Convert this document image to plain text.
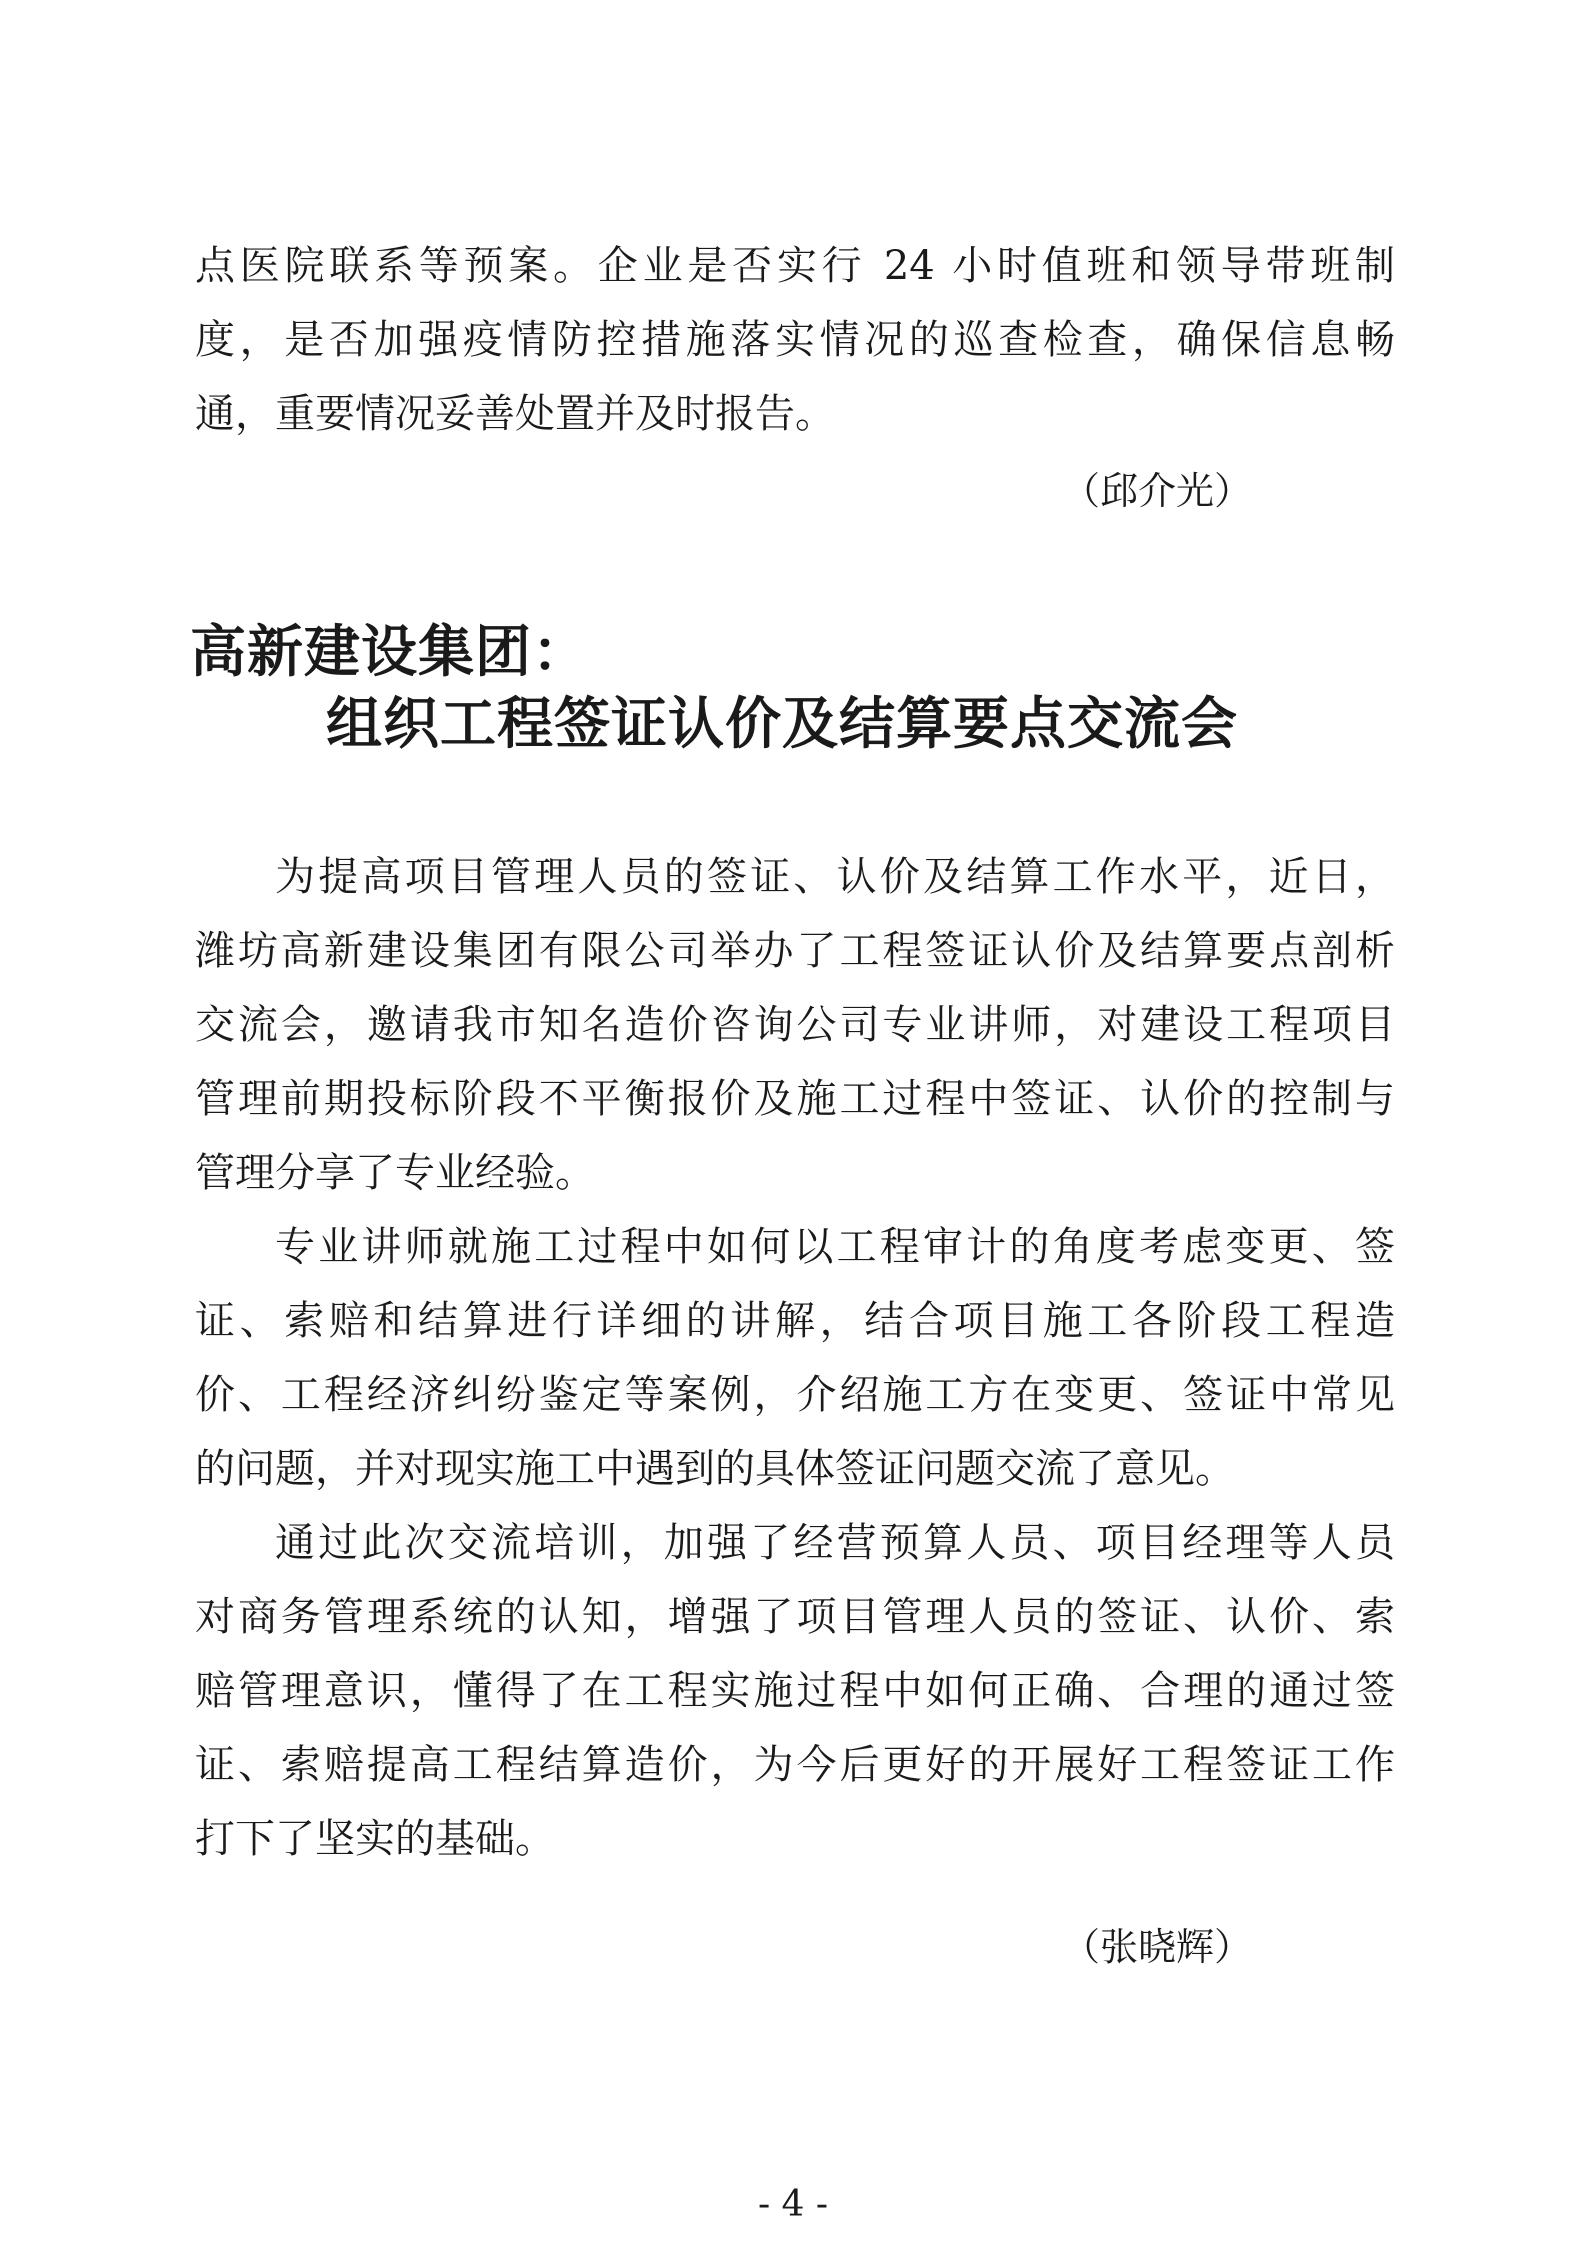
点医院联系等预案。企业是否实行 24 小时值班和领导带班制
度，是否加强疫情防控措施落实情况的巡查检查，确保信息畅
通，重要情况妥善处置并及时报告。
（邱介光）
高新建设集团：
组织工程签证认价及结算要点交流会
为提高项目管理人员的签证、认价及结算工作水平，近日，
潍坊高新建设集团有限公司举办了工程签证认价及结算要点剖析
交流会，邀请我市知名造价咨询公司专业讲师，对建设工程项目
管理前期投标阶段不平衡报价及施工过程中签证、认价的控制与
管理分享了专业经验。
专业讲师就施工过程中如何以工程审计的角度考虑变更、签
证、索赔和结算进行详细的讲解，结合项目施工各阶段工程造
价、工程经济纠纷鉴定等案例，介绍施工方在变更、签证中常见
的问题，并对现实施工中遇到的具体签证问题交流了意见。
通过此次交流培训，加强了经营预算人员、项目经理等人员
对商务管理系统的认知，增强了项目管理人员的签证、认价、索
赔管理意识，懂得了在工程实施过程中如何正确、合理的通过签
证、索赔提高工程结算造价，为今后更好的开展好工程签证工作
打下了坚实的基础。
（张晓辉）
- 4 -
